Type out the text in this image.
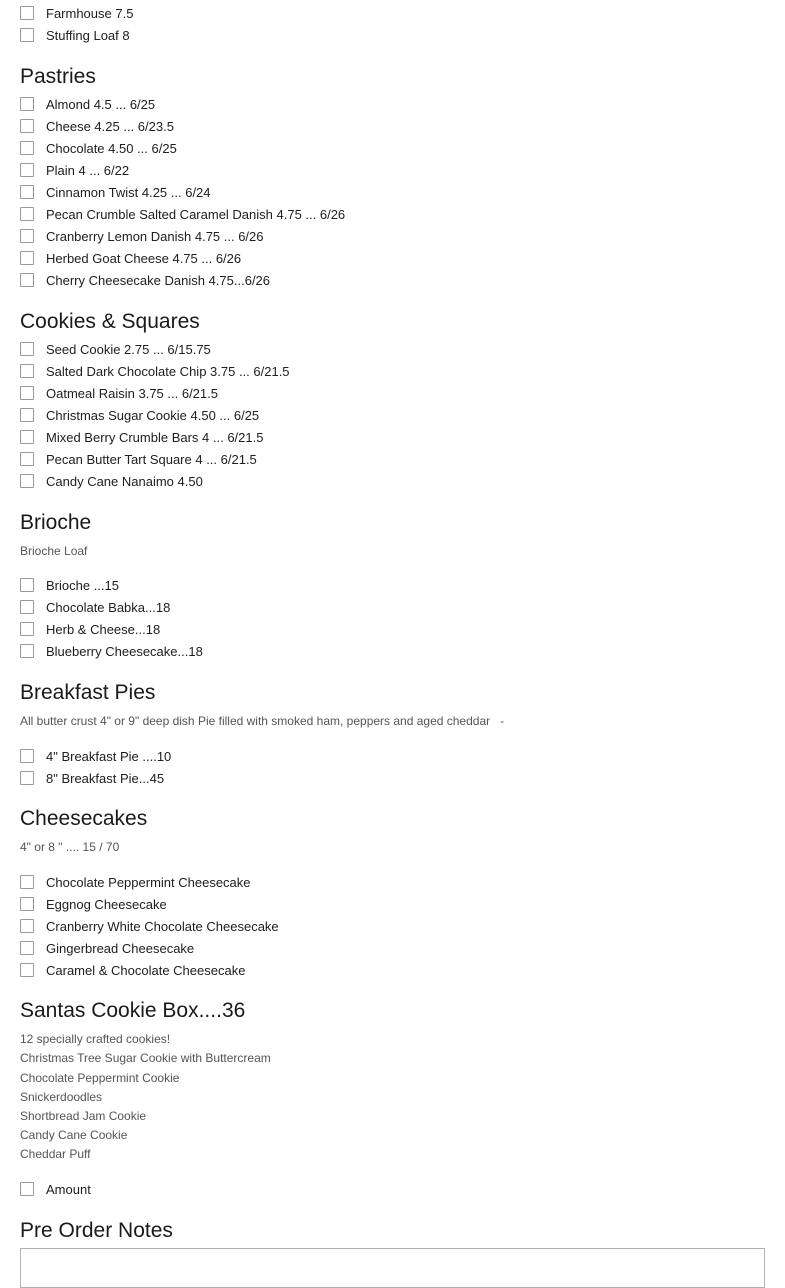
Farmhouse 7.5
Stuffing Loaf 8
Pastries
Almond 4.5 ... 6/25
Cheese 4.25 ... 6/23.5
Chocolate 4.50 ... 6/25
Plain 4 ... 6/22
Cinnamon Twist 4.25 ... 6/24
Pecan Crumble Salted Caramel Danish 4.75 ... 6/26
Cranberry Lemon Danish 4.75 ... 6/26
Herbed Goat Cheese 4.75 ... 6/26
Cherry Cheesecake Danish 4.75...6/26
Cookies & Squares
Seed Cookie 2.75 ... 6/15.75
Salted Dark Chocolate Chip 3.75 ... 6/21.5
Oatmeal Raisin 3.75 ... 6/21.5
Christmas Sugar Cookie 4.50 ... 6/25
Mixed Berry Crumble Bars 4 ... 6/21.5
Pecan Butter Tart Square 4 ... 6/21.5
Candy Cane Nanaimo 4.50
Brioche
Brioche Loaf
Brioche ...15
Chocolate Babka...18
Herb & Cheese...18
Blueberry Cheesecake...18
Breakfast Pies
All butter crust 4" or 9" deep dish Pie filled with smoked ham, peppers and aged cheddar   -
4" Breakfast Pie ....10
8" Breakfast Pie...45
Cheesecakes
4" or 8 " .... 15 / 70
Chocolate Peppermint Cheesecake
Eggnog Cheesecake
Cranberry White Chocolate Cheesecake
Gingerbread Cheesecake
Caramel & Chocolate Cheesecake
Santas Cookie Box....36
12 specially crafted cookies!
Christmas Tree Sugar Cookie with Buttercream
Chocolate Peppermint Cookie
Snickerdoodles
Shortbread Jam Cookie
Candy Cane Cookie
Cheddar Puff
Amount
Pre Order Notes
